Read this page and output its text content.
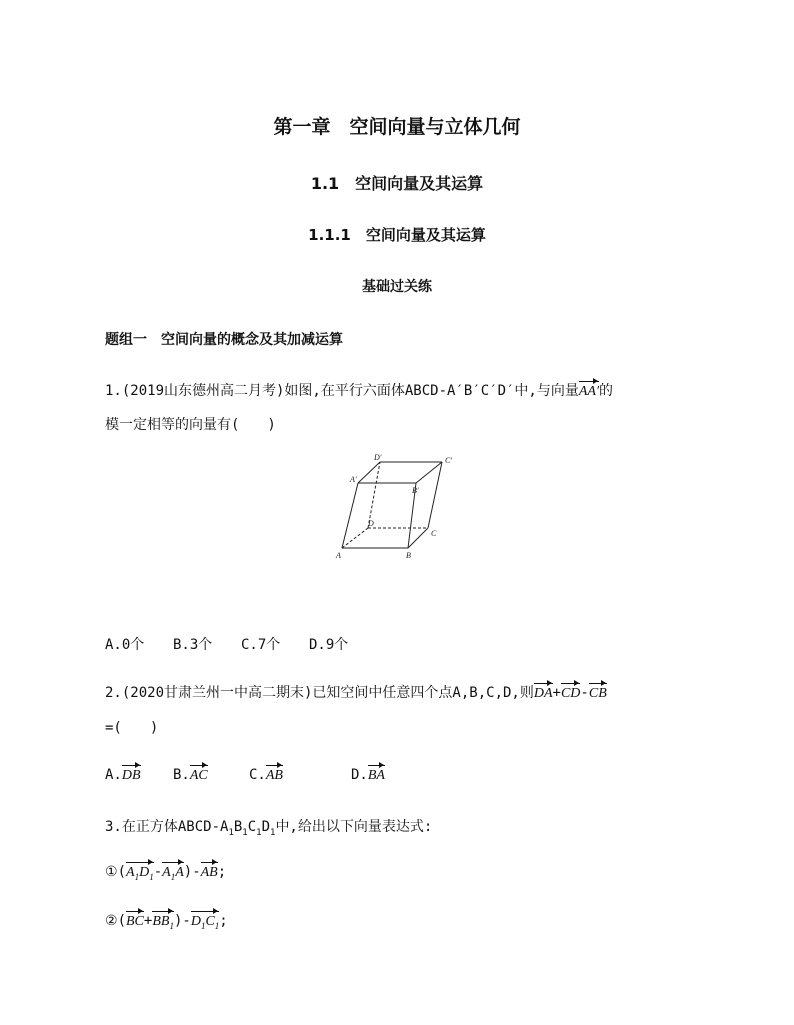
第一章　空间向量与立体几何
1.1　空间向量及其运算
1.1.1　空间向量及其运算
基础过关练
题组一　空间向量的概念及其加减运算
1.(2019山东德州高二月考)如图,在平行六面体ABCD-A′B′C′D′中,与向量AA′的
模一定相等的向量有(　　)
A	B
C
D
A′
B′
C′
D′
A.0个 B.3个 C.7个 D.9个
2.(2020甘肃兰州一中高二期末)已知空间中任意四个点A,B,C,D,则DA+CD-CB
=(　　)
A.DB B.AC	C.AB	D.BA
3.在正方体ABCD-$A_1B_1C_1D_1$中,给出以下向量表达式:
$①(A_1D_1-A_1A)-AB$;
$②(BC+BB_1)-D_1C_1$;
